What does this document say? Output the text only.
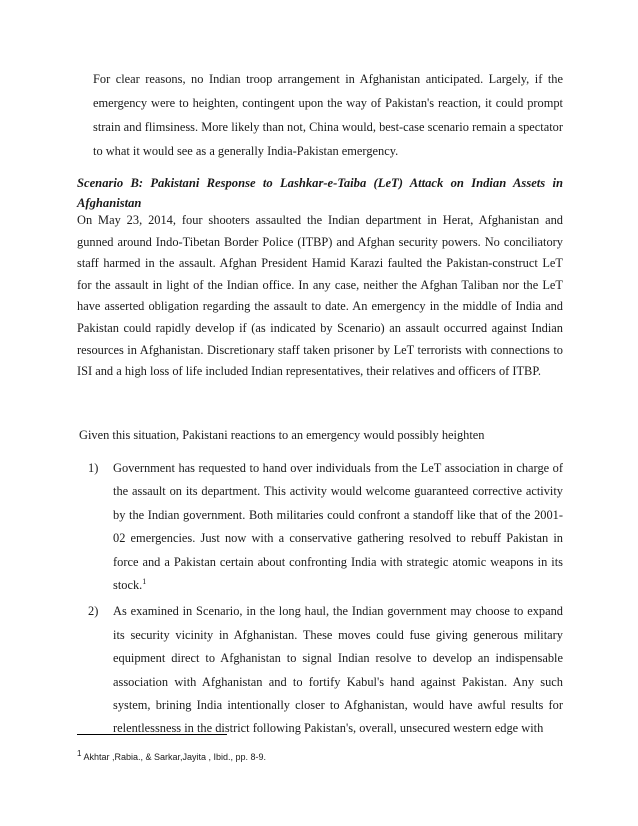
For clear reasons, no Indian troop arrangement in Afghanistan anticipated. Largely, if the emergency were to heighten, contingent upon the way of Pakistan's reaction, it could prompt strain and flimsiness. More likely than not, China would, best-case scenario remain a spectator to what it would see as a generally India-Pakistan emergency.

Scenario B: Pakistani Response to Lashkar-e-Taiba (LeT) Attack on Indian Assets in Afghanistan

On May 23, 2014, four shooters assaulted the Indian department in Herat, Afghanistan and gunned around Indo-Tibetan Border Police (ITBP) and Afghan security powers. No conciliatory staff harmed in the assault. Afghan President Hamid Karazi faulted the Pakistan-construct LeT for the assault in light of the Indian office. In any case, neither the Afghan Taliban nor the LeT have asserted obligation regarding the assault to date. An emergency in the middle of India and Pakistan could rapidly develop if (as indicated by Scenario) an assault occurred against Indian resources in Afghanistan. Discretionary staff taken prisoner by LeT terrorists with connections to ISI and a high loss of life included Indian representatives, their relatives and officers of ITBP.

Given this situation, Pakistani reactions to an emergency would possibly heighten

1) Government has requested to hand over individuals from the LeT association in charge of the assault on its department. This activity would welcome guaranteed corrective activity by the Indian government. Both militaries could confront a standoff like that of the 2001-02 emergencies. Just now with a conservative gathering resolved to rebuff Pakistan in force and a Pakistan certain about confronting India with strategic atomic weapons in its stock.$^1$
2) As examined in Scenario, in the long haul, the Indian government may choose to expand its security vicinity in Afghanistan. These moves could fuse giving generous military equipment direct to Afghanistan to signal Indian resolve to develop an indispensable association with Afghanistan and to fortify Kabul's hand against Pakistan. Any such system, brining India intentionally closer to Afghanistan, would have awful results for relentlessness in the district following Pakistan's, overall, unsecured western edge with
$^1$ Akhtar ,Rabia., & Sarkar,Jayita , Ibid., pp. 8-9.
